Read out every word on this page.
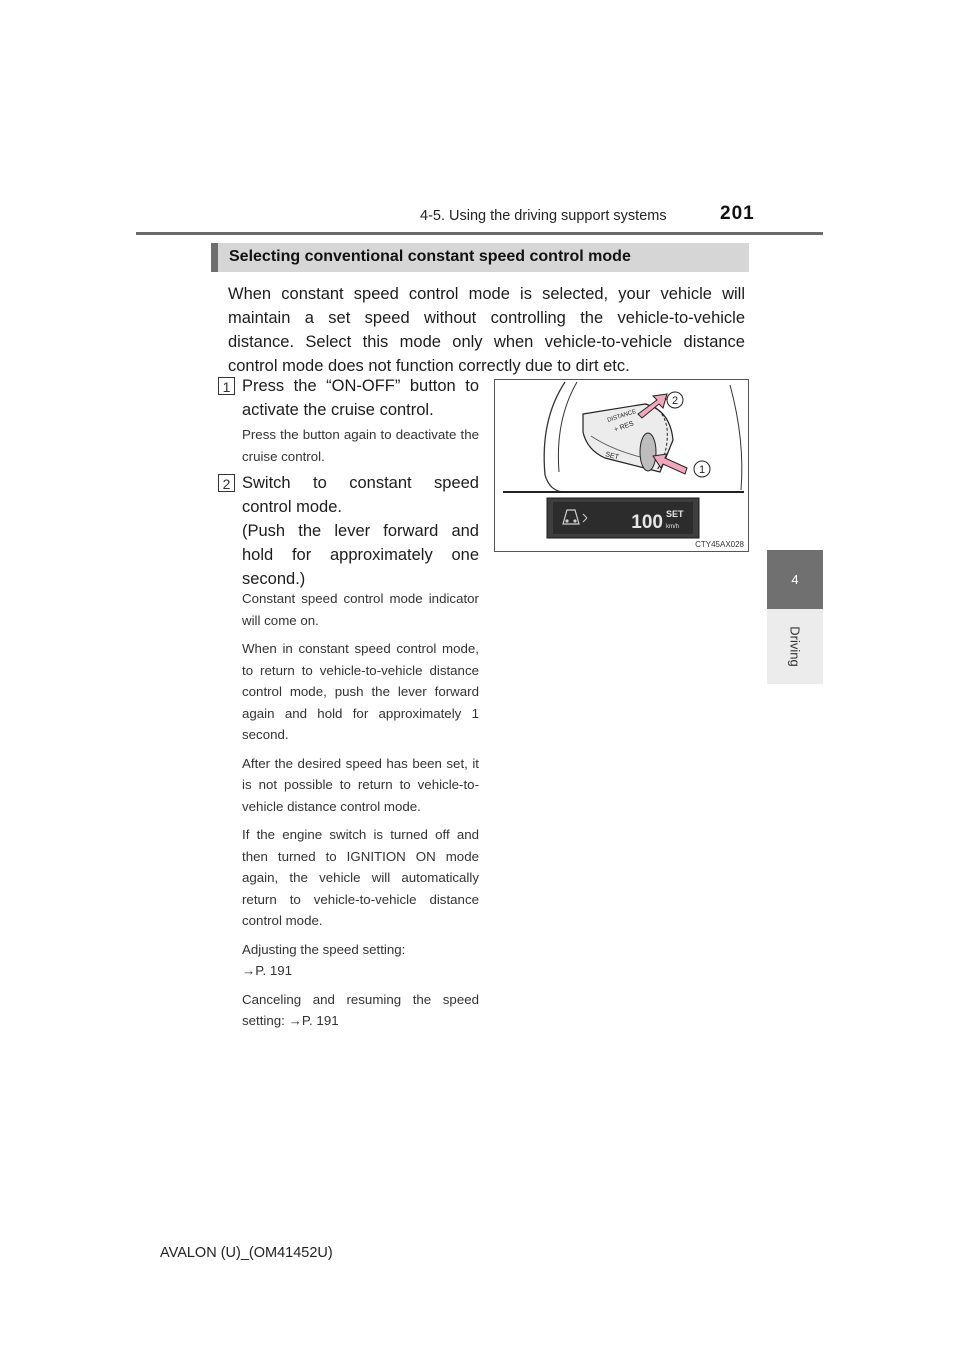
4-5. Using the driving support systems	201
4
Driving
Selecting conventional constant speed control mode
When constant speed control mode is selected, your vehicle will maintain a set speed without controlling the vehicle-to-vehicle distance. Select this mode only when vehicle-to-vehicle distance control mode does not function correctly due to dirt etc.
1 Press the “ON-OFF” button to activate the cruise control.

Press the button again to deactivate the cruise control.

2 Switch to constant speed control mode.
(Push the lever forward and hold for approximately one second.)

Constant speed control mode indicator will come on.

When in constant speed control mode, to return to vehicle-to-vehicle distance control mode, push the lever forward again and hold for approximately 1 second.

After the desired speed has been set, it is not possible to return to vehicle-to-vehicle distance control mode.

If the engine switch is turned off and then turned to IGNITION ON mode again, the vehicle will automatically return to vehicle-to-vehicle distance control mode.

Adjusting the speed setting:
→P. 191

Canceling and resuming the speed setting: →P. 191

DISTANCE
+ RES
SET
2
1
100 SET
km/h
CTY45AX028
AVALON (U)_(OM41452U)
